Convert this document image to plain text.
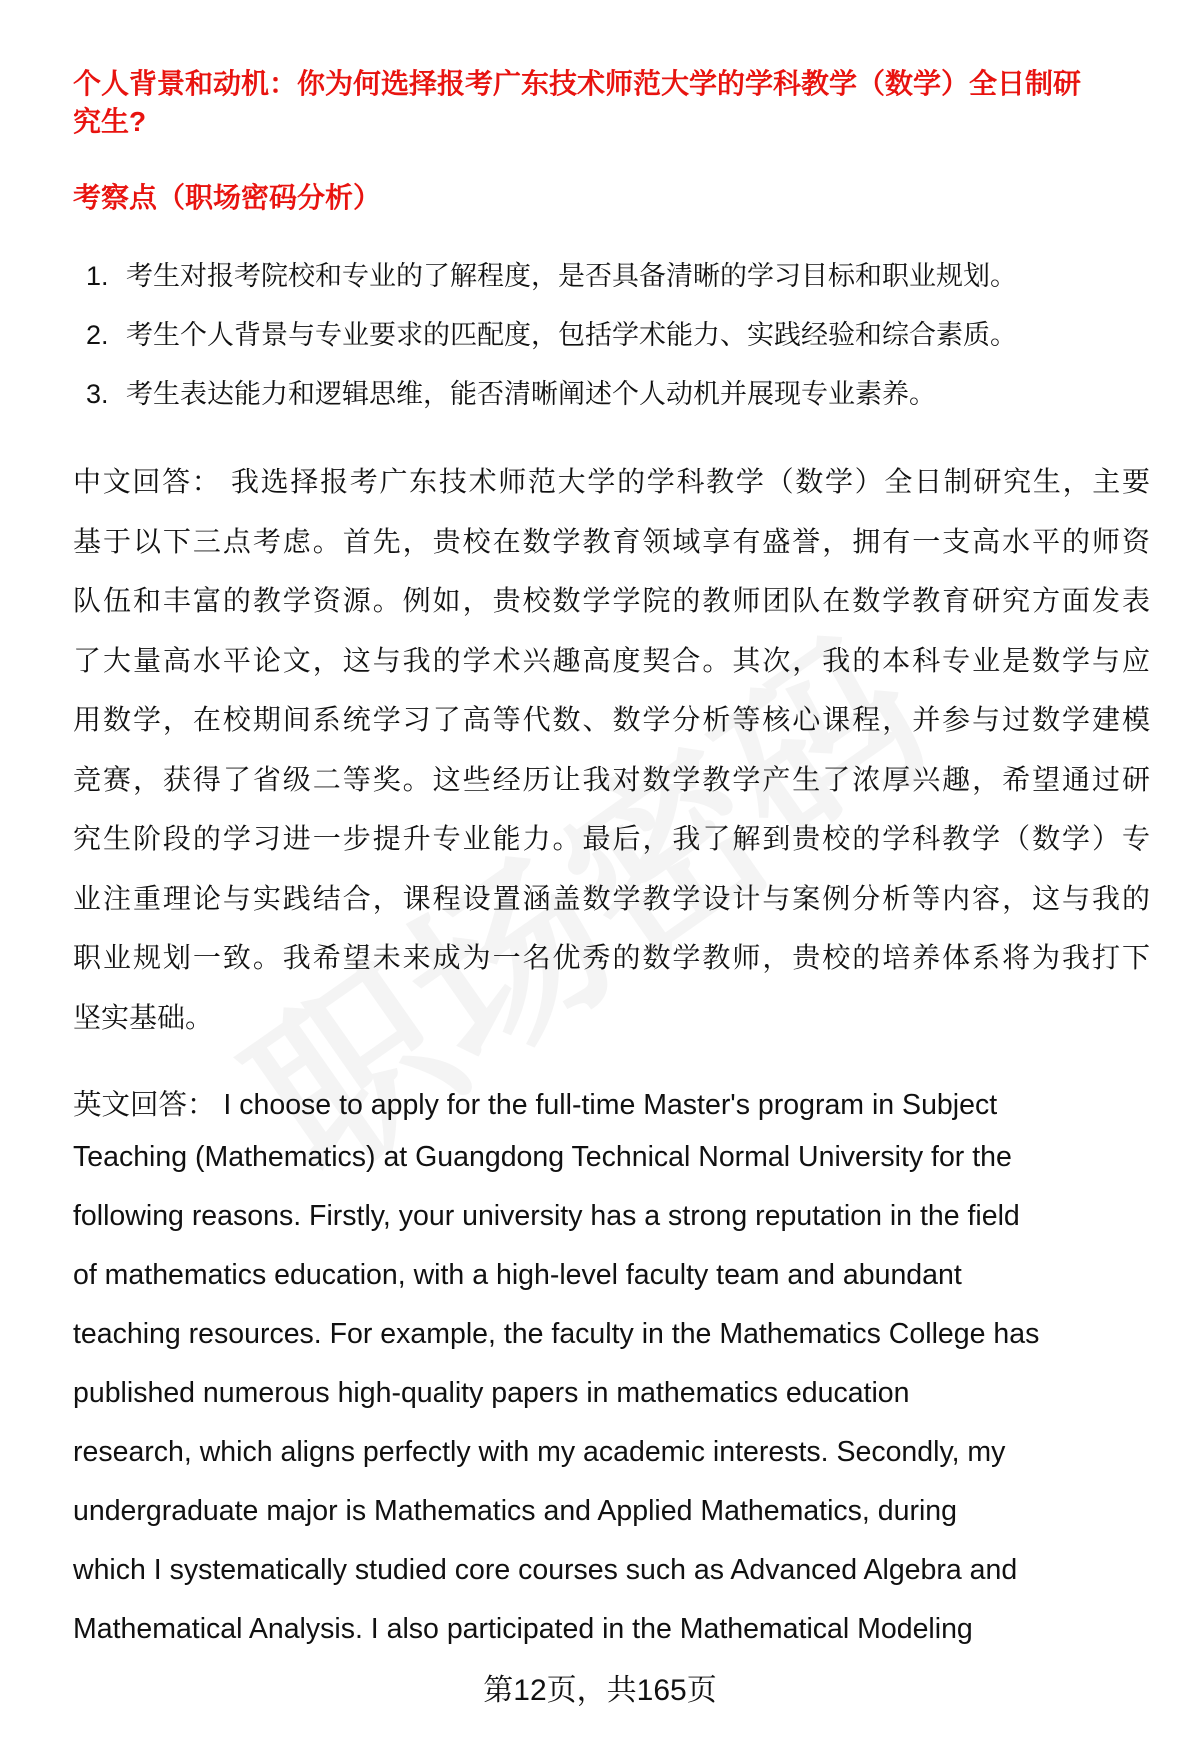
个人背景和动机：你为何选择报考广东技术师范大学的学科教学（数学）全日制研
究生?
考察点（职场密码分析）
1. 考生对报考院校和专业的了解程度，是否具备清晰的学习目标和职业规划。
2. 考生个人背景与专业要求的匹配度，包括学术能力、实践经验和综合素质。
3. 考生表达能力和逻辑思维，能否清晰阐述个人动机并展现专业素养。
中文回答： 我选择报考广东技术师范大学的学科教学（数学）全日制研究生，主要
基于以下三点考虑。首先，贵校在数学教育领域享有盛誉，拥有一支高水平的师资
队伍和丰富的教学资源。例如，贵校数学学院的教师团队在数学教育研究方面发表
了大量高水平论文，这与我的学术兴趣高度契合。其次，我的本科专业是数学与应
用数学，在校期间系统学习了高等代数、数学分析等核心课程，并参与过数学建模
竞赛，获得了省级二等奖。这些经历让我对数学教学产生了浓厚兴趣，希望通过研
究生阶段的学习进一步提升专业能力。最后，我了解到贵校的学科教学（数学）专
业注重理论与实践结合，课程设置涵盖数学教学设计与案例分析等内容，这与我的
职业规划一致。我希望未来成为一名优秀的数学教师，贵校的培养体系将为我打下
坚实基础。
英文回答： I choose to apply for the full-time Master's program in Subject
Teaching (Mathematics) at Guangdong Technical Normal University for the
following reasons. Firstly, your university has a strong reputation in the field
of mathematics education, with a high-level faculty team and abundant
teaching resources. For example, the faculty in the Mathematics College has
published numerous high-quality papers in mathematics education
research, which aligns perfectly with my academic interests. Secondly, my
undergraduate major is Mathematics and Applied Mathematics, during
which I systematically studied core courses such as Advanced Algebra and
Mathematical Analysis. I also participated in the Mathematical Modeling
第12页，共165页
